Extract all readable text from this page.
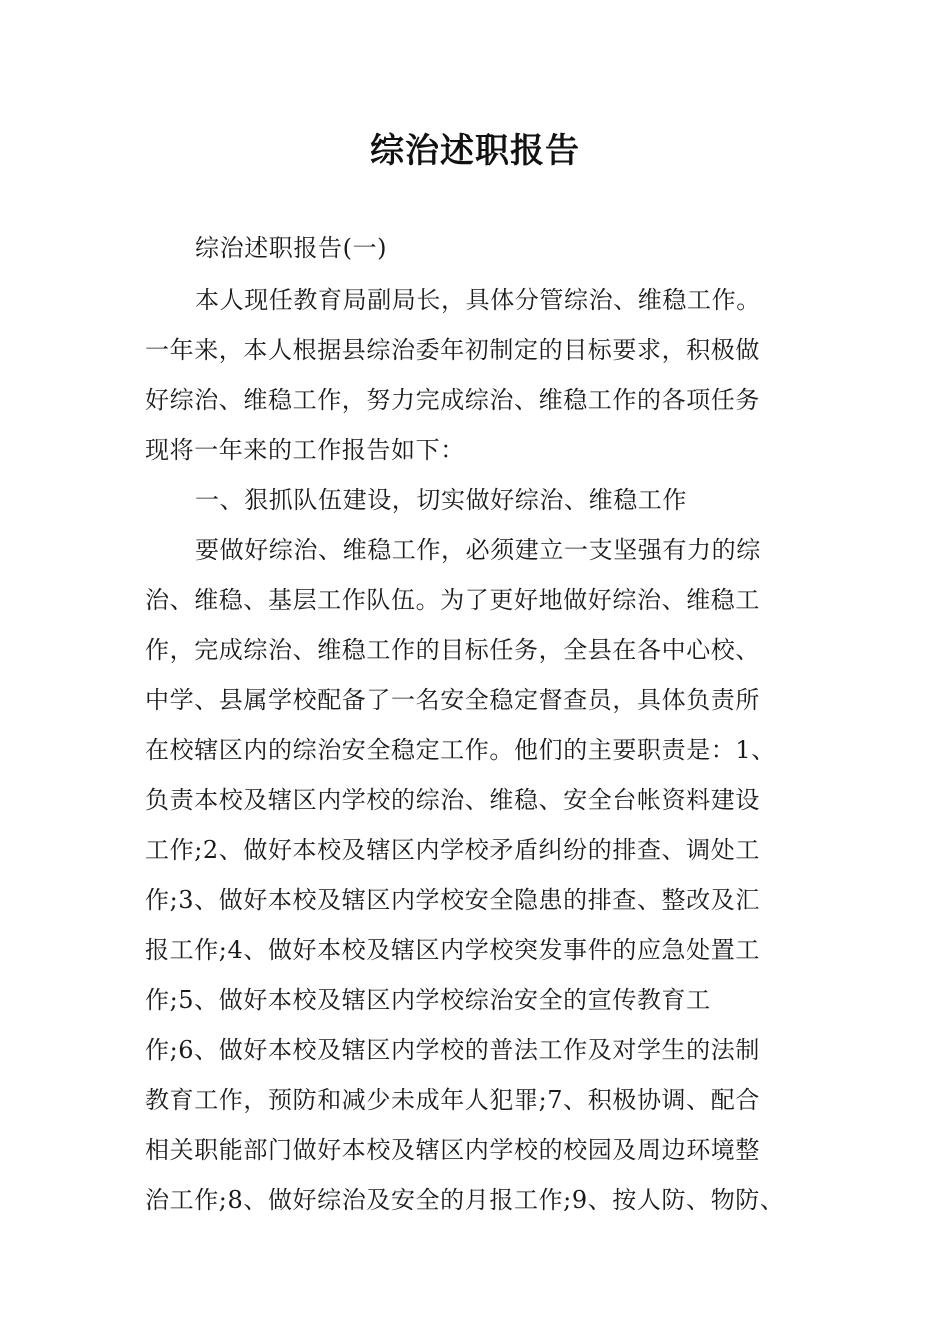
综治述职报告
综治述职报告(一)
本人现任教育局副局长，具体分管综治、维稳工作。
一年来，本人根据县综治委年初制定的目标要求，积极做
好综治、维稳工作，努力完成综治、维稳工作的各项任务
现将一年来的工作报告如下：
一、狠抓队伍建设，切实做好综治、维稳工作
要做好综治、维稳工作，必须建立一支坚强有力的综
治、维稳、基层工作队伍。为了更好地做好综治、维稳工
作，完成综治、维稳工作的目标任务，全县在各中心校、
中学、县属学校配备了一名安全稳定督查员，具体负责所
在校辖区内的综治安全稳定工作。他们的主要职责是：1、
负责本校及辖区内学校的综治、维稳、安全台帐资料建设
工作;2、做好本校及辖区内学校矛盾纠纷的排查、调处工
作;3、做好本校及辖区内学校安全隐患的排查、整改及汇
报工作;4、做好本校及辖区内学校突发事件的应急处置工
作;5、做好本校及辖区内学校综治安全的宣传教育工
作;6、做好本校及辖区内学校的普法工作及对学生的法制
教育工作，预防和减少未成年人犯罪;7、积极协调、配合
相关职能部门做好本校及辖区内学校的校园及周边环境整
治工作;8、做好综治及安全的月报工作;9、按人防、物防、
